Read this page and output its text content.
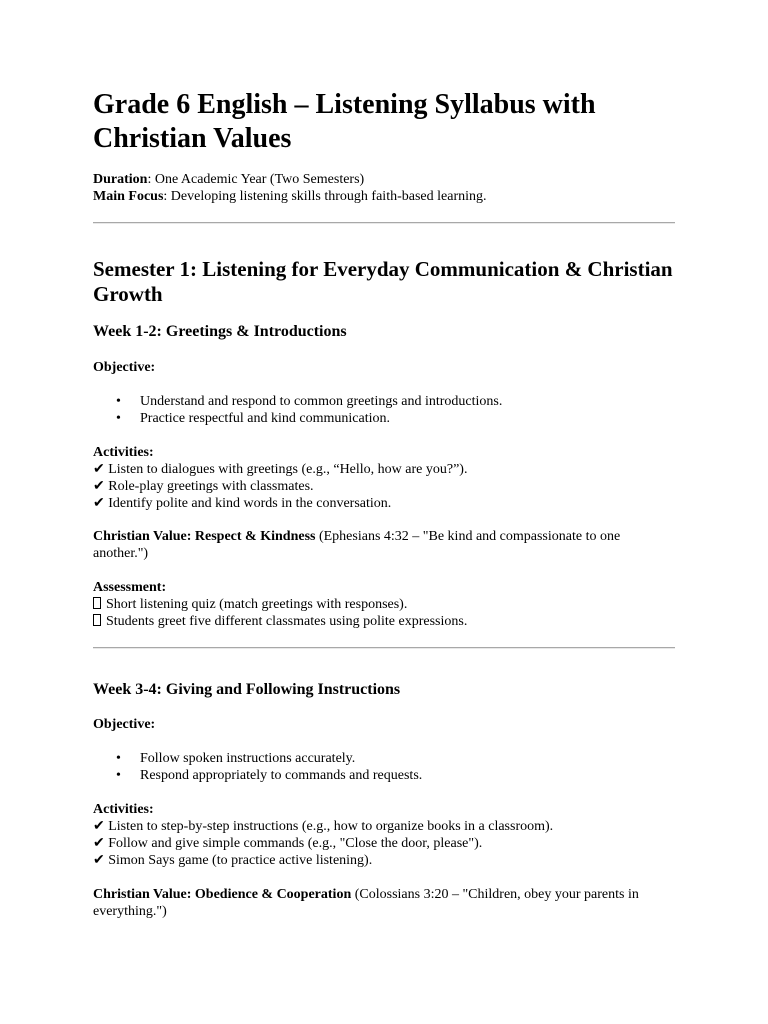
Grade 6 English – Listening Syllabus with Christian Values
Duration: One Academic Year (Two Semesters)
Main Focus: Developing listening skills through faith-based learning.
Semester 1: Listening for Everyday Communication & Christian Growth
Week 1-2: Greetings & Introductions
Objective:
• Understand and respond to common greetings and introductions.
• Practice respectful and kind communication.
Activities:
✔ Listen to dialogues with greetings (e.g., “Hello, how are you?”).
✔ Role-play greetings with classmates.
✔ Identify polite and kind words in the conversation.
Christian Value: Respect & Kindness (Ephesians 4:32 – "Be kind and compassionate to one another.")
Assessment:
Short listening quiz (match greetings with responses).
Students greet five different classmates using polite expressions.
Week 3-4: Giving and Following Instructions
Objective:
• Follow spoken instructions accurately.
• Respond appropriately to commands and requests.
Activities:
✔ Listen to step-by-step instructions (e.g., how to organize books in a classroom).
✔ Follow and give simple commands (e.g., "Close the door, please").
✔ Simon Says game (to practice active listening).
Christian Value: Obedience & Cooperation (Colossians 3:20 – "Children, obey your parents in everything.")
